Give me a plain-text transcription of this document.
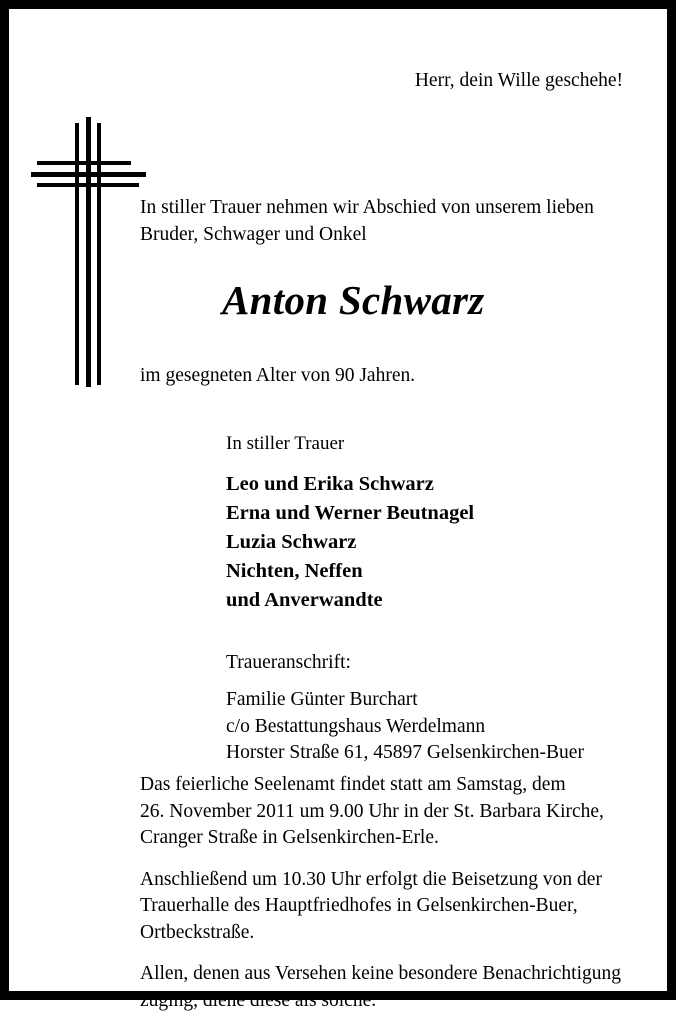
Herr, dein Wille geschehe!
In stiller Trauer nehmen wir Abschied von unserem lieben
Bruder, Schwager und Onkel
Anton Schwarz
im gesegneten Alter von 90 Jahren.
In stiller Trauer
Leo und Erika Schwarz
Erna und Werner Beutnagel
Luzia Schwarz
Nichten, Neffen
und Anverwandte
Traueranschrift:
Familie Günter Burchart
c/o Bestattungshaus Werdelmann
Horster Straße 61, 45897 Gelsenkirchen-Buer
Das feierliche Seelenamt findet statt am Samstag, dem
26. November 2011 um 9.00 Uhr in der St. Barbara Kirche,
Cranger Straße in Gelsenkirchen-Erle.
Anschließend um 10.30 Uhr erfolgt die Beisetzung von der
Trauerhalle des Hauptfriedhofes in Gelsenkirchen-Buer,
Ortbeckstraße.
Allen, denen aus Versehen keine besondere Benachrichtigung
zuging, diene diese als solche.
